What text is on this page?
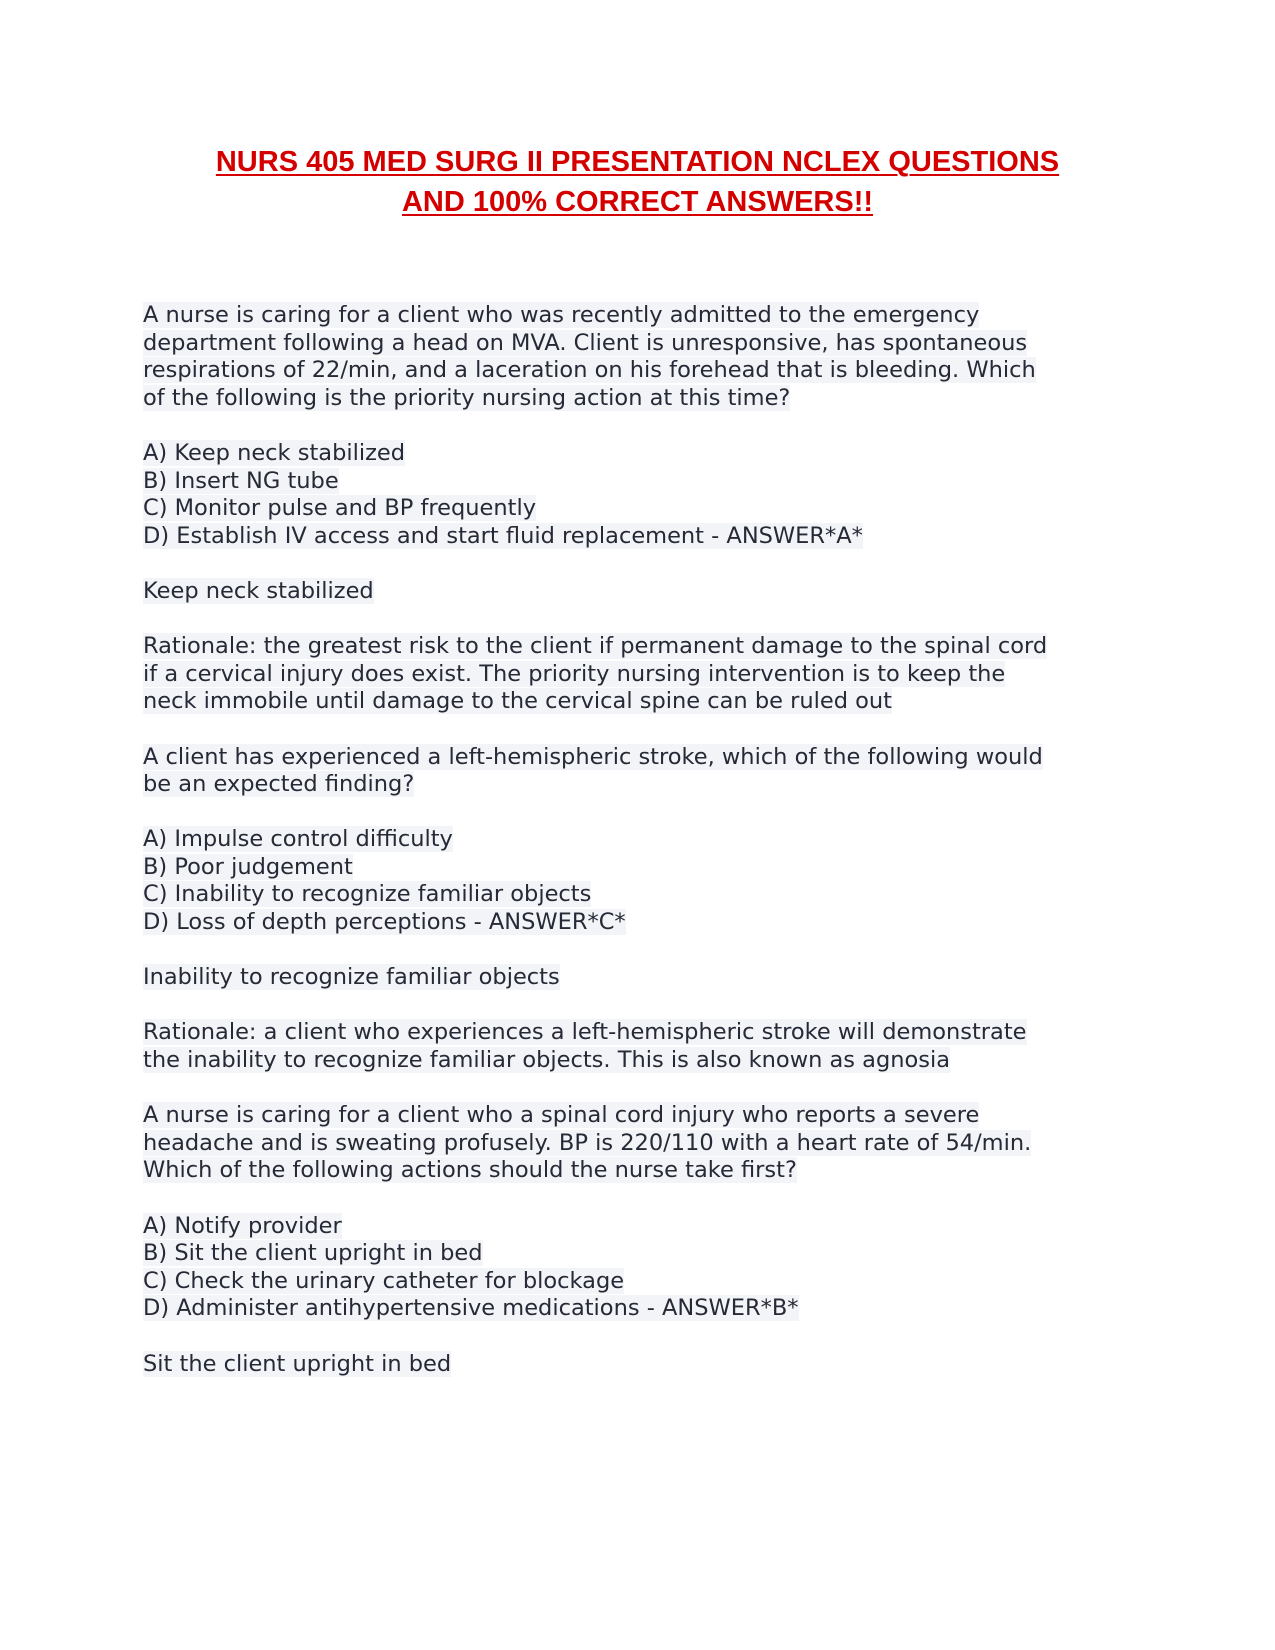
NURS 405 MED SURG II PRESENTATION NCLEX QUESTIONS
AND 100% CORRECT ANSWERS!!
A nurse is caring for a client who was recently admitted to the emergency
department following a head on MVA. Client is unresponsive, has spontaneous
respirations of 22/min, and a laceration on his forehead that is bleeding. Which
of the following is the priority nursing action at this time?
A) Keep neck stabilized
B) Insert NG tube
C) Monitor pulse and BP frequently
D) Establish IV access and start fluid replacement - ANSWER*A*
Keep neck stabilized
Rationale: the greatest risk to the client if permanent damage to the spinal cord
if a cervical injury does exist. The priority nursing intervention is to keep the
neck immobile until damage to the cervical spine can be ruled out
A client has experienced a left-hemispheric stroke, which of the following would
be an expected finding?
A) Impulse control difficulty
B) Poor judgement
C) Inability to recognize familiar objects
D) Loss of depth perceptions - ANSWER*C*
Inability to recognize familiar objects
Rationale: a client who experiences a left-hemispheric stroke will demonstrate
the inability to recognize familiar objects. This is also known as agnosia
A nurse is caring for a client who a spinal cord injury who reports a severe
headache and is sweating profusely. BP is 220/110 with a heart rate of 54/min.
Which of the following actions should the nurse take first?
A) Notify provider
B) Sit the client upright in bed
C) Check the urinary catheter for blockage
D) Administer antihypertensive medications - ANSWER*B*
Sit the client upright in bed
